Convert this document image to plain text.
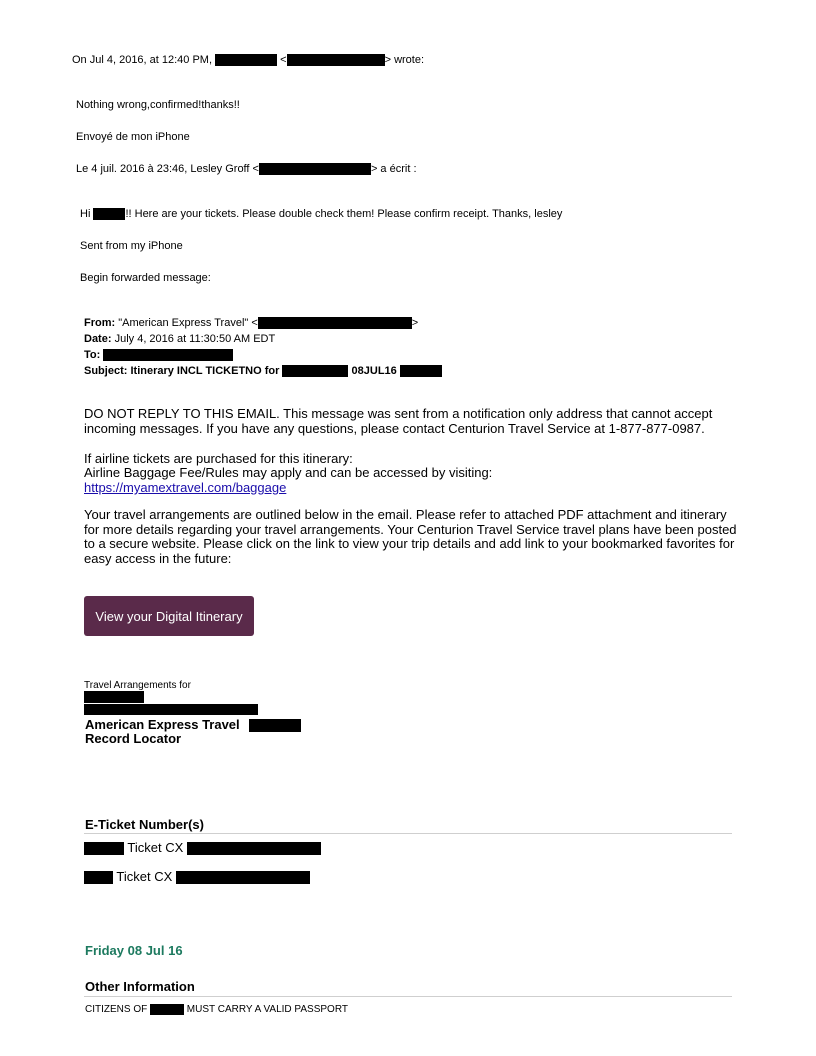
On Jul 4, 2016, at 12:40 PM,	<	> wrote:
Nothing wrong,confirmed!thanks!!
Envoyé de mon iPhone
Le 4 juil. 2016 à 23:46, Lesley Groff <	> a écrit :
Hi	!! Here are your tickets. Please double check them! Please confirm receipt. Thanks, lesley
Sent from my iPhone
Begin forwarded message:
From: "American Express Travel" <	>
Date: July 4, 2016 at 11:30:50 AM EDT
To:
Subject: Itinerary INCL TICKETNO for	08JUL16
DO NOT REPLY TO THIS EMAIL. This message was sent from a notification only address that cannot accept incoming messages. If you have any questions, please contact Centurion Travel Service at 1-877-877-0987.
If airline tickets are purchased for this itinerary:
Airline Baggage Fee/Rules may apply and can be accessed by visiting:
https://myamextravel.com/baggage
Your travel arrangements are outlined below in the email. Please refer to attached PDF attachment and itinerary for more details regarding your travel arrangements. Your Centurion Travel Service travel plans have been posted to a secure website. Please click on the link to view your trip details and add link to your bookmarked favorites for easy access in the future:
View your Digital Itinerary
Travel Arrangements for
American Express Travel
Record Locator
E-Ticket Number(s)
Ticket CX
Ticket CX
Friday 08 Jul 16
Other Information
CITIZENS OF	MUST CARRY A VALID PASSPORT
